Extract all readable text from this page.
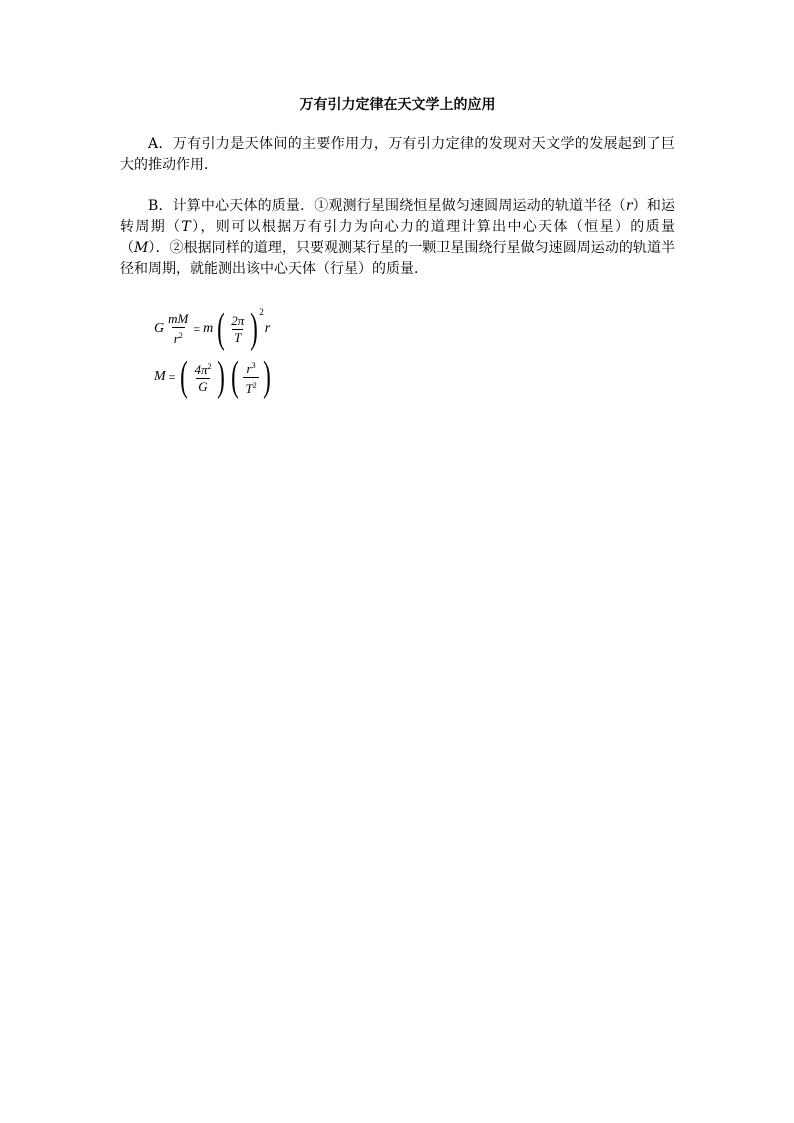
万有引力定律在天文学上的应用

A．万有引力是天体间的主要作用力，万有引力定律的发现对天文学的发展起到了巨大的推动作用．

B．计算中心天体的质量．①观测行星围绕恒星做匀速圆周运动的轨道半径（r）和运转周期（T），则可以根据万有引力为向心力的道理计算出中心天体（恒星）的质量（M）．②根据同样的道理，只要观测某行星的一颗卫星围绕行星做匀速圆周运动的轨道半径和周期，就能测出该中心天体（行星）的质量．

G $\frac{mM}{r^2} = m$ ( $\frac{2\pi}{T}$ ) 2
r
M = ( $\frac{4\pi^2}{G}$ ) ( $\frac{r^3}{T^2}$ )
